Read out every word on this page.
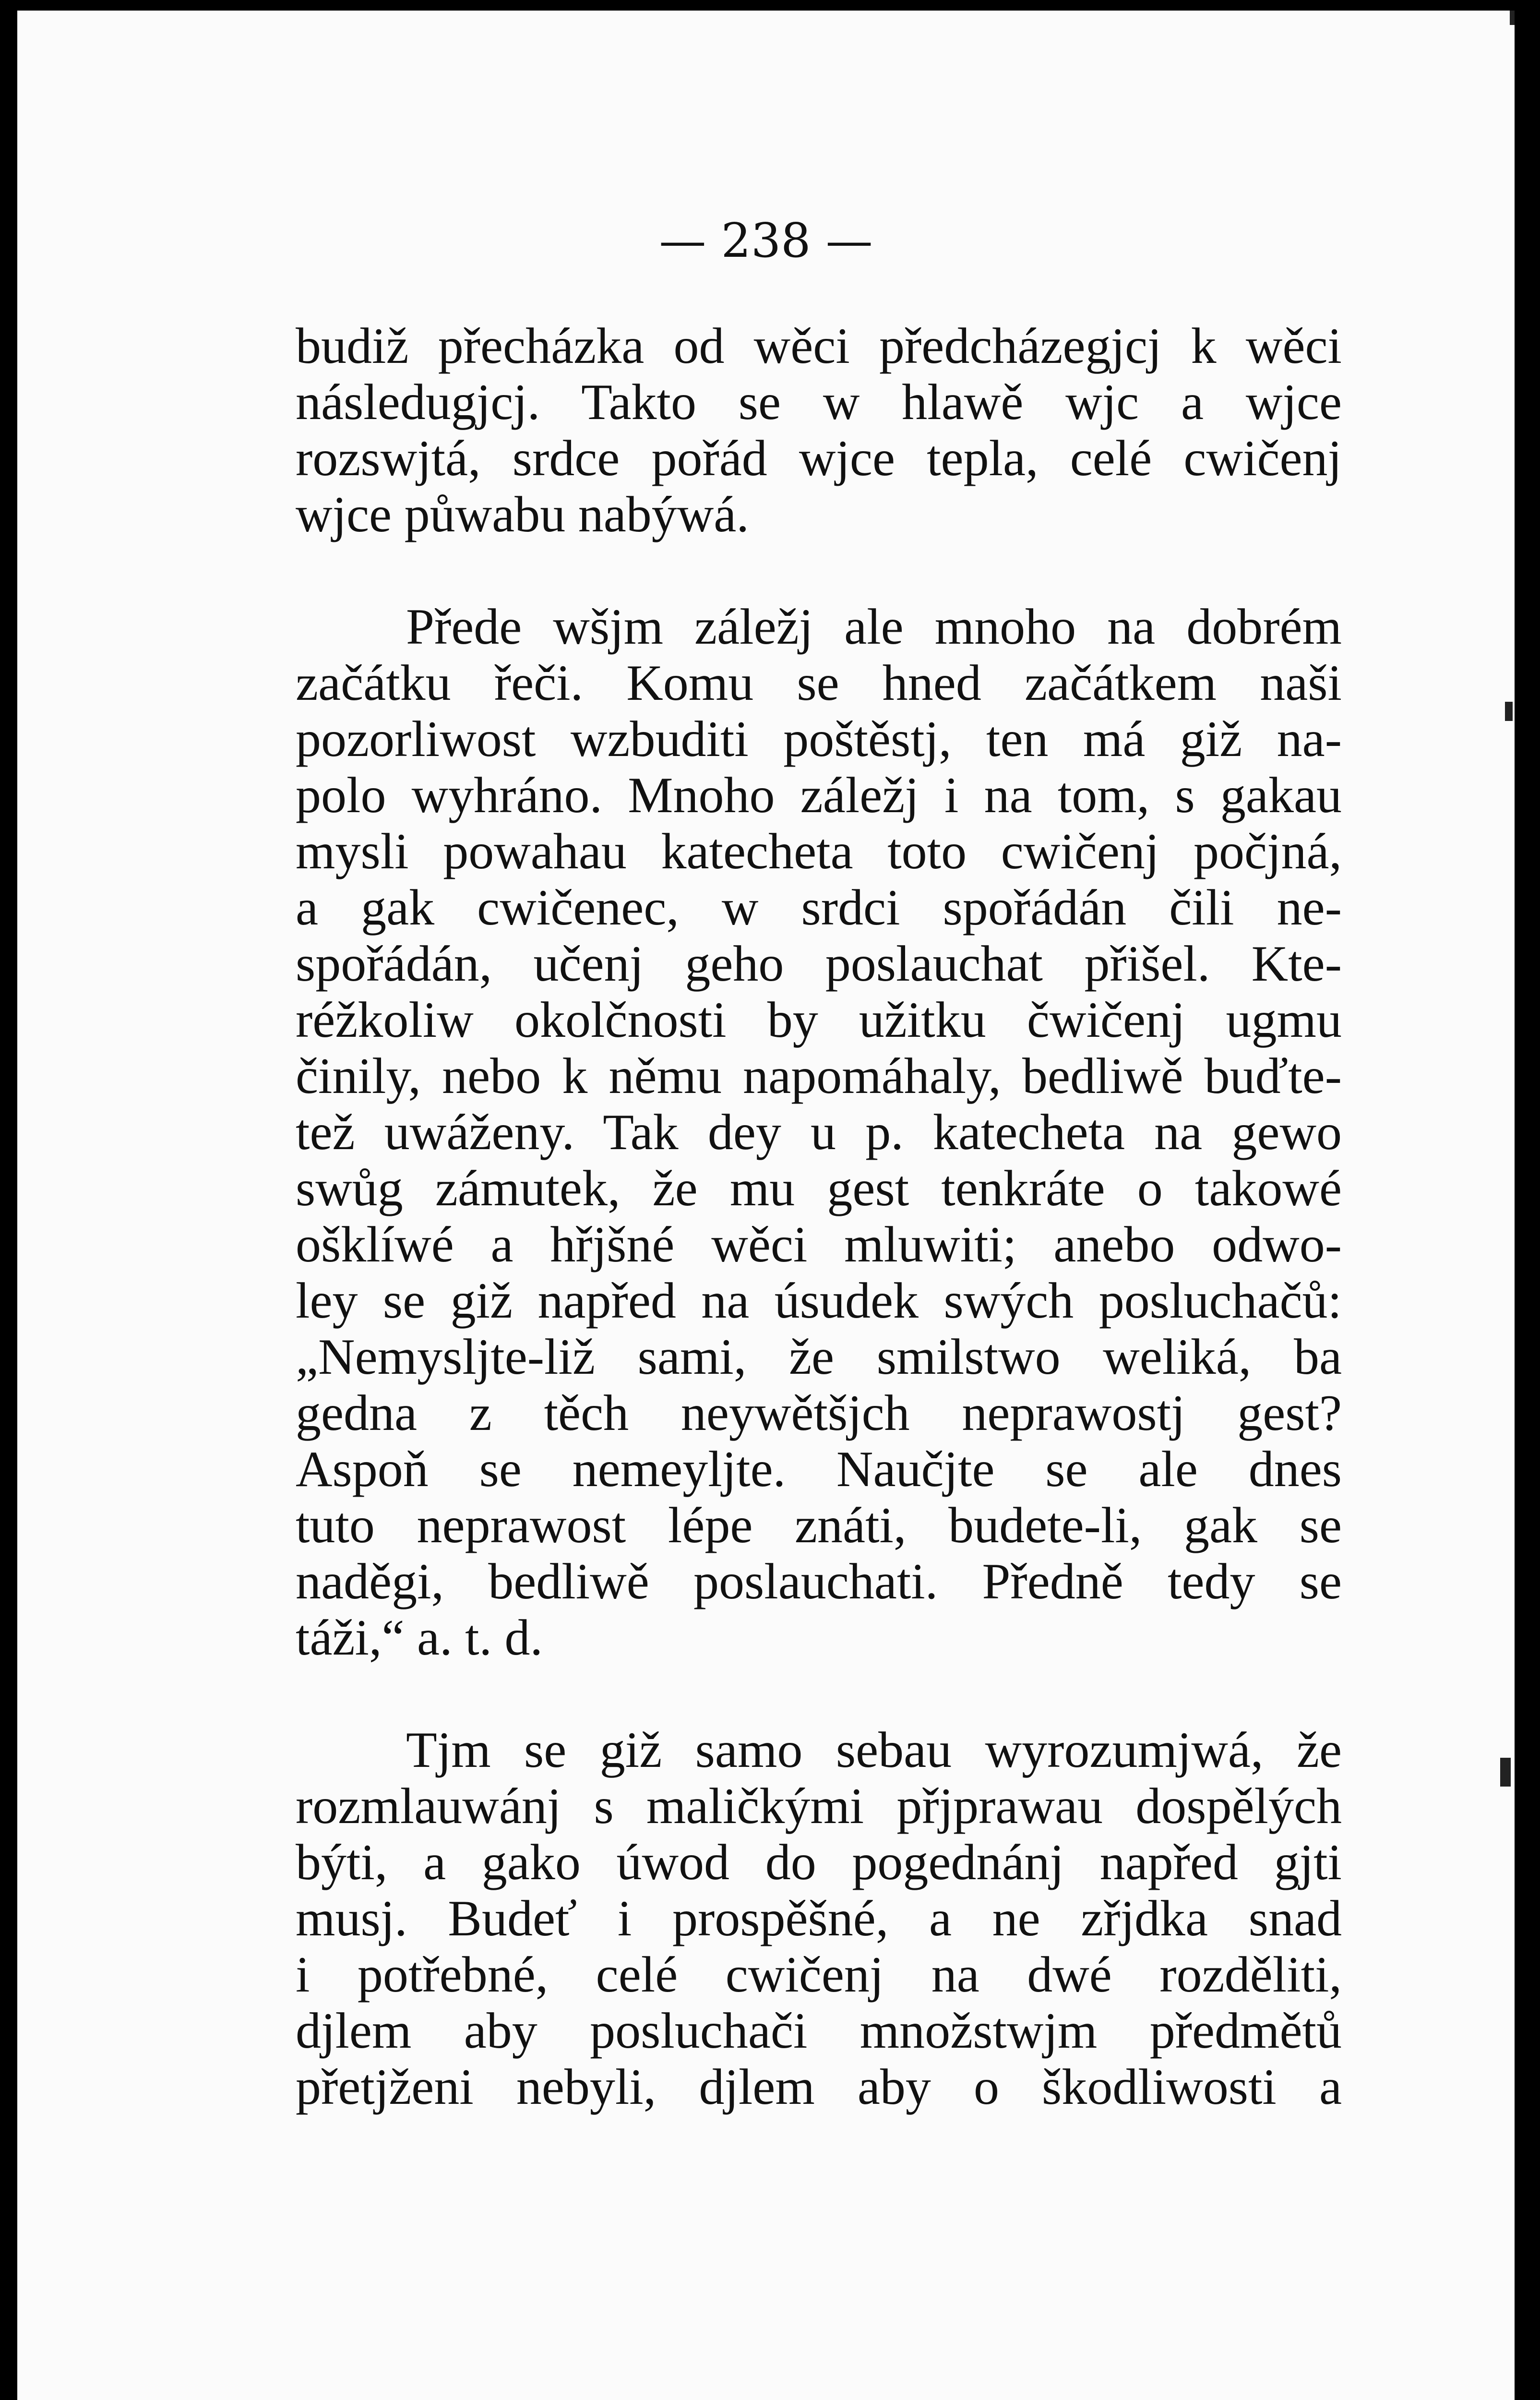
— 238 —
budiž přecházka od wěci předcházegjcj k wěci
následugjcj. Takto se w hlawě wjc a wjce
rozswjtá, srdce pořád wjce tepla, celé cwičenj
wjce půwabu nabýwá.
Přede wšjm záležj ale mnoho na dobrém
začátku řeči. Komu se hned začátkem naši
pozorliwost wzbuditi poštěstj, ten má giž na-
polo wyhráno. Mnoho záležj i na tom, s gakau
mysli powahau katecheta toto cwičenj počjná,
a gak cwičenec, w srdci spořádán čili ne-
spořádán, učenj geho poslauchat přišel. Kte-
réžkoliw okolčnosti by užitku čwičenj ugmu
činily, nebo k němu napomáhaly, bedliwě buďte-
tež uwáženy. Tak dey u p. katecheta na gewo
swůg zámutek, že mu gest tenkráte o takowé
ošklíwé a hřjšné wěci mluwiti; anebo odwo-
ley se giž napřed na úsudek swých posluchačů:
„Nemysljte-liž sami, že smilstwo weliká, ba
gedna z těch neywětšjch neprawostj gest?
Aspoň se nemeyljte. Naučjte se ale dnes
tuto neprawost lépe znáti, budete-li, gak se
naděgi, bedliwě poslauchati. Předně tedy se
táži,“ a. t. d.
Tjm se giž samo sebau wyrozumjwá, že
rozmlauwánj s maličkými přjprawau dospělých
býti, a gako úwod do pogednánj napřed gjti
musj. Budeť i prospěšné, a ne zřjdka snad
i potřebné, celé cwičenj na dwé rozděliti,
djlem aby posluchači množstwjm předmětů
přetjženi nebyli, djlem aby o škodliwosti a
